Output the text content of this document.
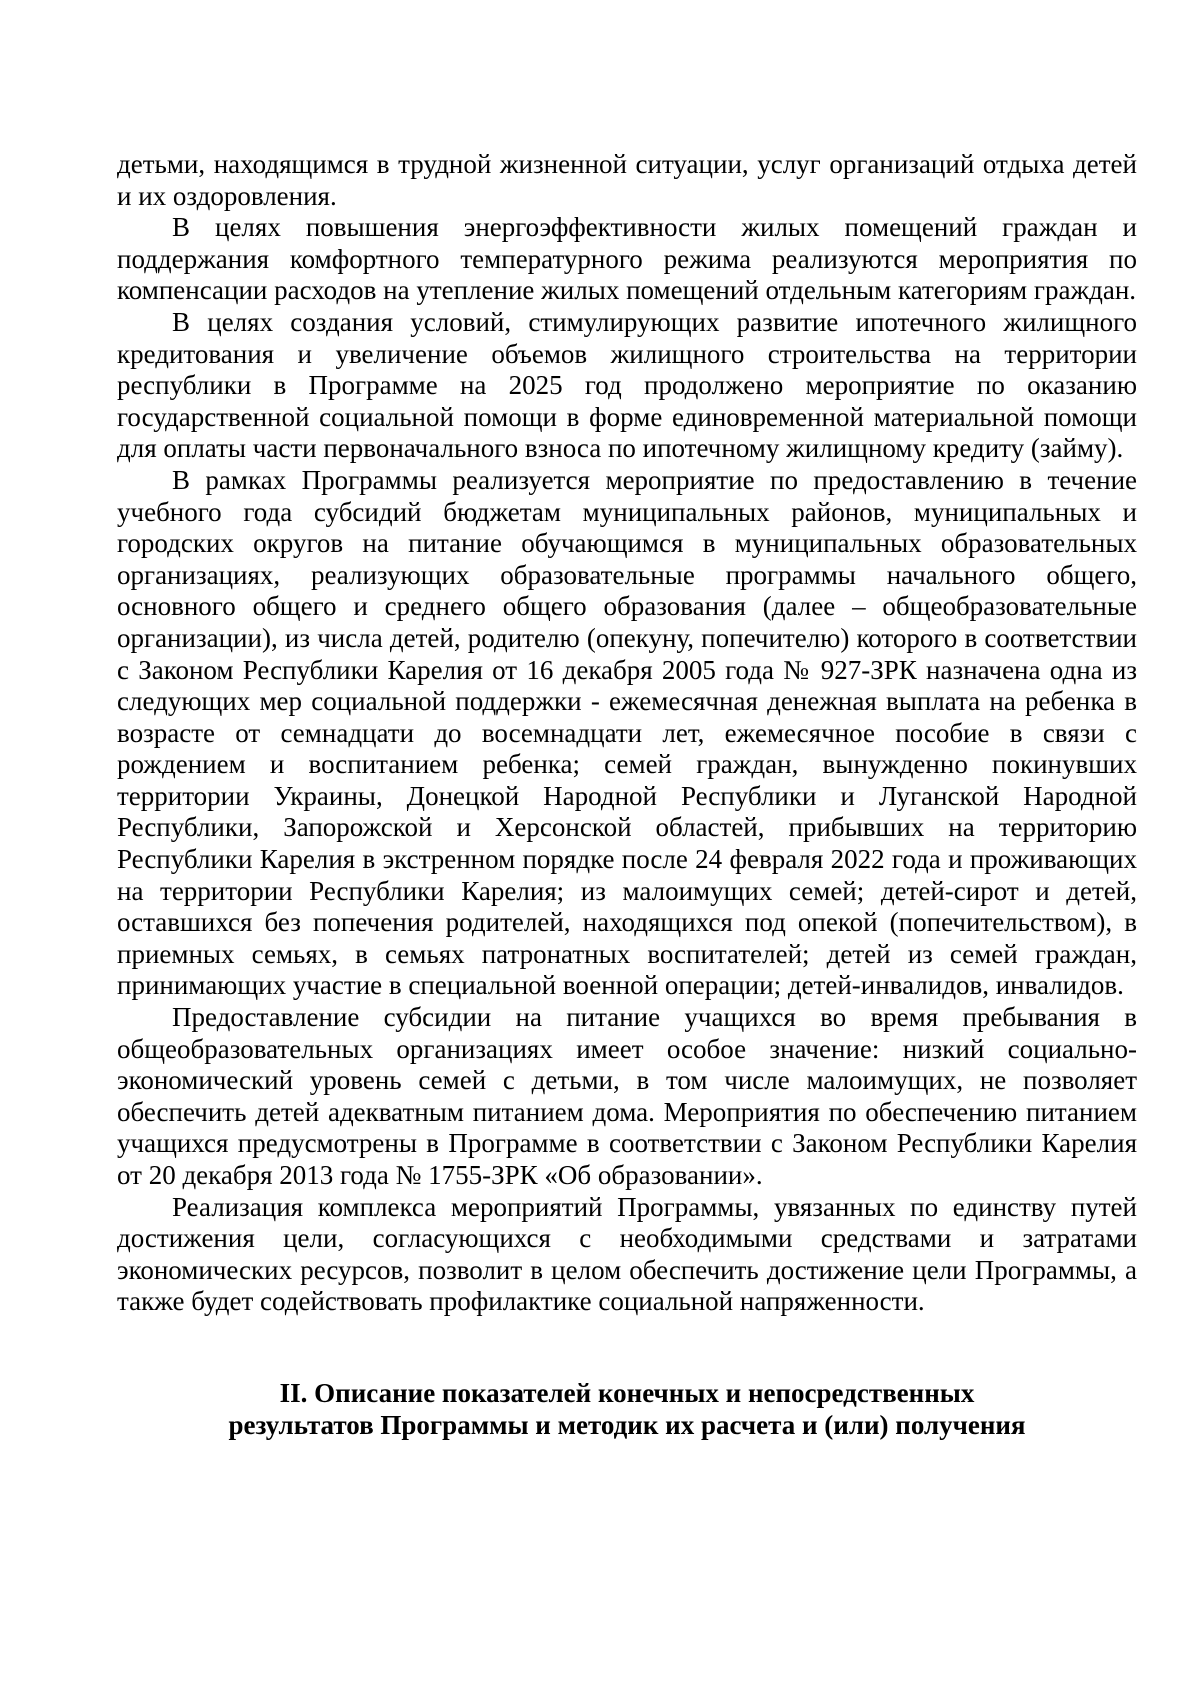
детьми, находящимся в трудной жизненной ситуации, услуг организаций отдыха детей и их оздоровления.

В целях повышения энергоэффективности жилых помещений граждан и поддержания комфортного температурного режима реализуются мероприятия по компенсации расходов на утепление жилых помещений отдельным категориям граждан.

В целях создания условий, стимулирующих развитие ипотечного жилищного кредитования и увеличение объемов жилищного строительства на территории республики в Программе на 2025 год продолжено мероприятие по оказанию государственной социальной помощи в форме единовременной материальной помощи для оплаты части первоначального взноса по ипотечному жилищному кредиту (займу).

В рамках Программы реализуется мероприятие по предоставлению в течение учебного года субсидий бюджетам муниципальных районов, муниципальных и городских округов на питание обучающимся в муниципальных образовательных организациях, реализующих образовательные программы начального общего, основного общего и среднего общего образования (далее – общеобразовательные организации), из числа детей, родителю (опекуну, попечителю) которого в соответствии с Законом Республики Карелия от 16 декабря 2005 года № 927-ЗРК назначена одна из следующих мер социальной поддержки - ежемесячная денежная выплата на ребенка в возрасте от семнадцати до восемнадцати лет, ежемесячное пособие в связи с рождением и воспитанием ребенка; семей граждан, вынужденно покинувших территории Украины, Донецкой Народной Республики и Луганской Народной Республики, Запорожской и Херсонской областей, прибывших на территорию Республики Карелия в экстренном порядке после 24 февраля 2022 года и проживающих на территории Республики Карелия; из малоимущих семей; детей-сирот и детей, оставшихся без попечения родителей, находящихся под опекой (попечительством), в приемных семьях, в семьях патронатных воспитателей; детей из семей граждан, принимающих участие в специальной военной операции; детей-инвалидов, инвалидов.

Предоставление субсидии на питание учащихся во время пребывания в общеобразовательных организациях имеет особое значение: низкий социально-экономический уровень семей с детьми, в том числе малоимущих, не позволяет обеспечить детей адекватным питанием дома. Мероприятия по обеспечению питанием учащихся предусмотрены в Программе в соответствии с Законом Республики Карелия от 20 декабря 2013 года № 1755-ЗРК «Об образовании».

Реализация комплекса мероприятий Программы, увязанных по единству путей достижения цели, согласующихся с необходимыми средствами и затратами экономических ресурсов, позволит в целом обеспечить достижение цели Программы, а также будет содействовать профилактике социальной напряженности.

II. Описание показателей конечных и непосредственных
результатов Программы и методик их расчета и (или) получения
